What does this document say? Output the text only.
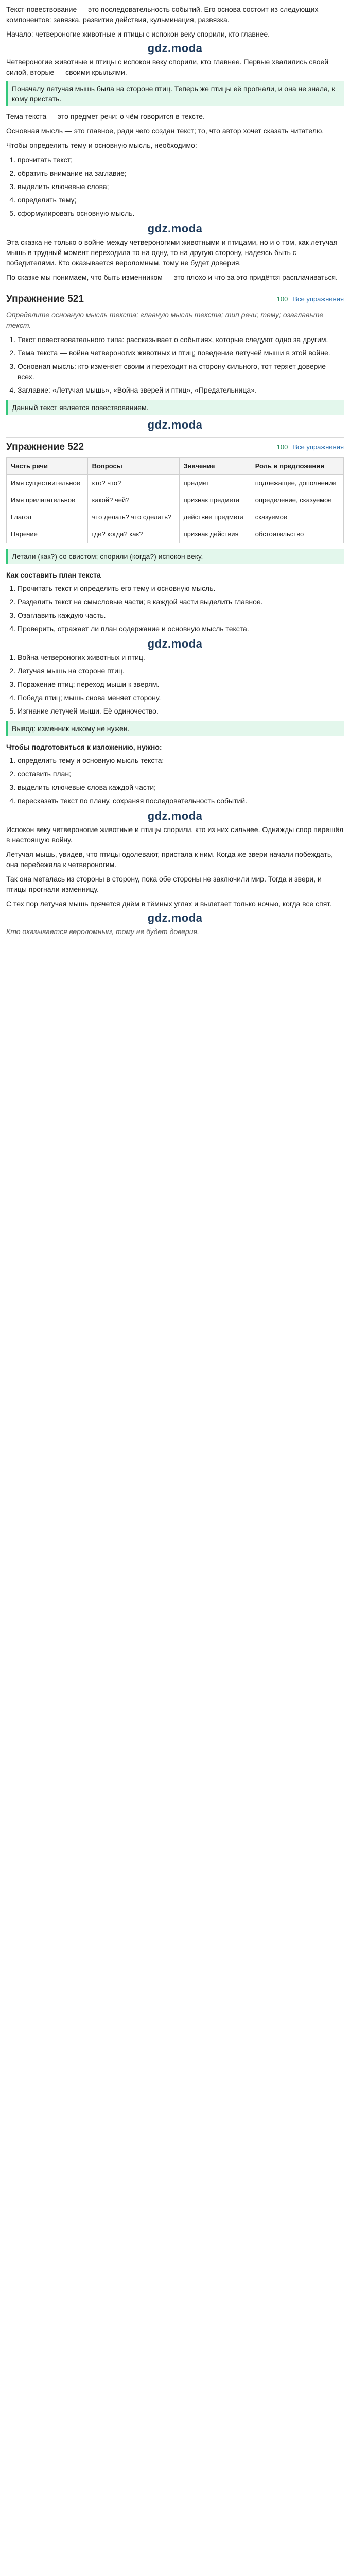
Текст-повествование — это последовательность событий. Его основа состоит из следующих компонентов: завязка, развитие действия, кульминация, развязка.

Начало: четвероногие животные и птицы с испокон веку спорили, кто главнее.

gdz.moda

Четвероногие животные и птицы с испокон веку спорили, кто главнее. Первые хвалились своей силой, вторые — своими крыльями.

Поначалу летучая мышь была на стороне птиц. Теперь же птицы её прогнали, и она не знала, к кому пристать.

Тема текста — это предмет речи; о чём говорится в тексте.

Основная мысль — это главное, ради чего создан текст; то, что автор хочет сказать читателю.

Чтобы определить тему и основную мысль, необходимо:

1. прочитать текст;
2. обратить внимание на заглавие;
3. выделить ключевые слова;
4. определить тему;
5. сформулировать основную мысль.
gdz.moda

Эта сказка не только о войне между четвероногими животными и птицами, но и о том, как летучая мышь в трудный момент переходила то на одну, то на другую сторону, надеясь быть с победителями. Кто оказывается вероломным, тому не будет доверия.

По сказке мы понимаем, что быть изменником — это плохо и что за это придётся расплачиваться.

Упражнение 521	100 Все упражнения

Определите основную мысль текста; главную мысль текста; тип речи; тему; озаглавьте текст.

1. Текст повествовательного типа: рассказывает о событиях, которые следуют одно за другим.
2. Тема текста — война четвероногих животных и птиц; поведение летучей мыши в этой войне.
3. Основная мысль: кто изменяет своим и переходит на сторону сильного, тот теряет доверие всех.
4. Заглавие: «Летучая мышь», «Война зверей и птиц», «Предательница».
Данный текст является повествованием.
gdz.moda
Упражнение 522	100 Все упражнения
Часть речи	Вопросы	Значение	Роль в предложении
Имя существительное	кто? что?	предмет	подлежащее, дополнение
Имя прилагательное	какой? чей?	признак предмета	определение, сказуемое
Глагол	что делать? что сделать?	действие предмета	сказуемое
Наречие	где? когда? как?	признак действия	обстоятельство
Летали (как?) со свистом; спорили (когда?) испокон веку.
Как составить план текста
1. Прочитать текст и определить его тему и основную мысль.
2. Разделить текст на смысловые части; в каждой части выделить главное.
3. Озаглавить каждую часть.
4. Проверить, отражает ли план содержание и основную мысль текста.
gdz.moda
1. Война четвероногих животных и птиц.
2. Летучая мышь на стороне птиц.
3. Поражение птиц; переход мыши к зверям.
4. Победа птиц; мышь снова меняет сторону.
5. Изгнание летучей мыши. Её одиночество.
Вывод: изменник никому не нужен.

Чтобы подготовиться к изложению, нужно:

1. определить тему и основную мысль текста;
2. составить план;
3. выделить ключевые слова каждой части;
4. пересказать текст по плану, сохраняя последовательность событий.
gdz.moda

Испокон веку четвероногие животные и птицы спорили, кто из них сильнее. Однажды спор перешёл в настоящую войну.

Летучая мышь, увидев, что птицы одолевают, пристала к ним. Когда же звери начали побеждать, она перебежала к четвероногим.

Так она металась из стороны в сторону, пока обе стороны не заключили мир. Тогда и звери, и птицы прогнали изменницу.

С тех пор летучая мышь прячется днём в тёмных углах и вылетает только ночью, когда все спят.

gdz.moda

Кто оказывается вероломным, тому не будет доверия.
